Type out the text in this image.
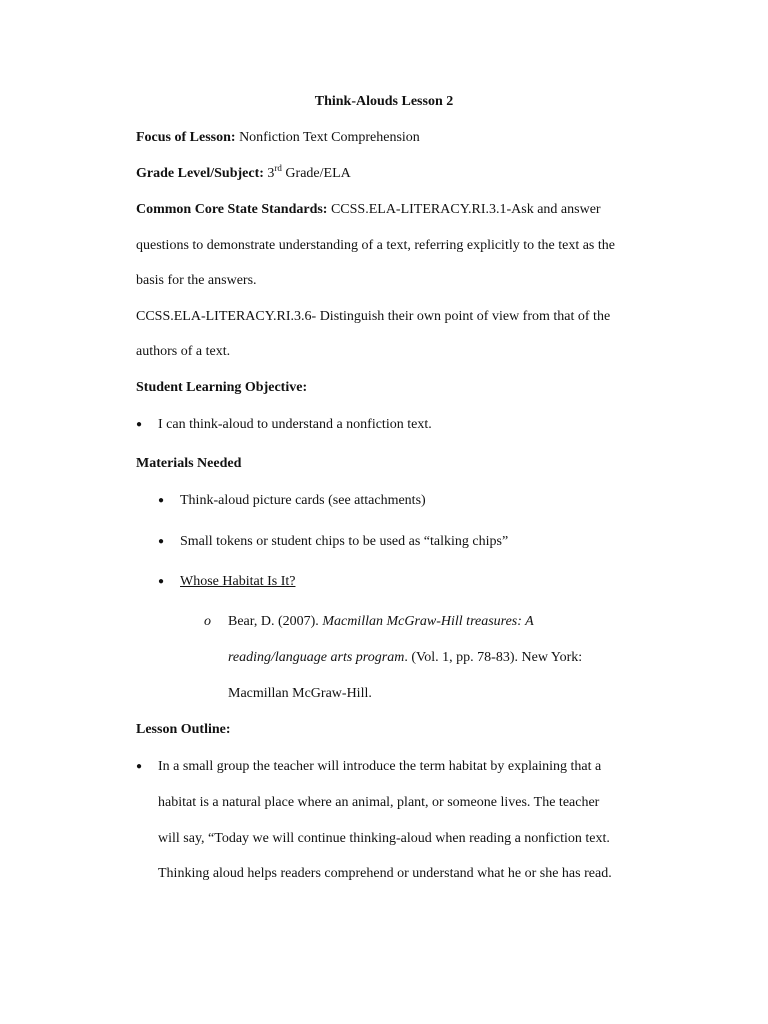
Think-Alouds Lesson 2
Focus of Lesson: Nonfiction Text Comprehension
Grade Level/Subject: 3rd Grade/ELA
Common Core State Standards: CCSS.ELA-LITERACY.RI.3.1-Ask and answer
questions to demonstrate understanding of a text, referring explicitly to the text as the
basis for the answers.
CCSS.ELA-LITERACY.RI.3.6- Distinguish their own point of view from that of the
authors of a text.
Student Learning Objective:
● I can think-aloud to understand a nonfiction text.
Materials Needed
● Think-aloud picture cards (see attachments)
● Small tokens or student chips to be used as “talking chips”
● Whose Habitat Is It?
o Bear, D. (2007). Macmillan McGraw-Hill treasures: A
reading/language arts program. (Vol. 1, pp. 78-83). New York:
Macmillan McGraw-Hill.
Lesson Outline:
● In a small group the teacher will introduce the term habitat by explaining that a
habitat is a natural place where an animal, plant, or someone lives. The teacher
will say, “Today we will continue thinking-aloud when reading a nonfiction text.
Thinking aloud helps readers comprehend or understand what he or she has read.
